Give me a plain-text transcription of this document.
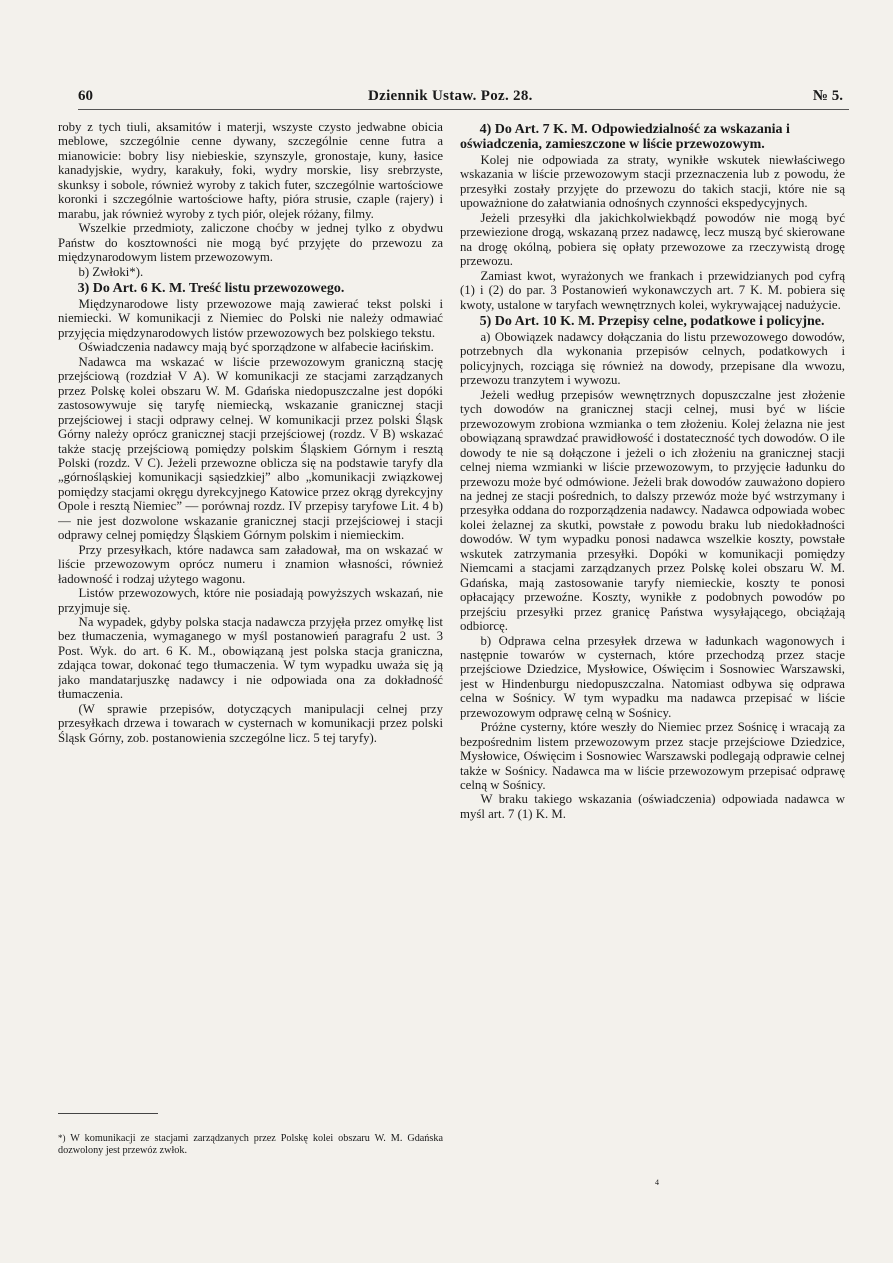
60	Dziennik Ustaw. Poz. 28.	№ 5.

roby z tych tiuli, aksamitów i materji, wszyste czysto jedwabne obicia meblowe, szczególnie cenne dywany, szczególnie cenne futra a mianowicie: bobry lisy niebieskie, szynszyle, gronostaje, kuny, łasice kanadyjskie, wydry, karakuły, foki, wydry morskie, lisy srebrzyste, skunksy i sobole, również wyroby z takich futer, szczególnie wartościowe koronki i szczególnie wartościowe hafty, pióra strusie, czaple (rajery) i marabu, jak również wyroby z tych piór, olejek różany, filmy.

Wszelkie przedmioty, zaliczone choćby w jednej tylko z obydwu Państw do kosztowności nie mogą być przyjęte do przewozu za międzynarodowym listem przewozowym.

b) Zwłoki*).

3) Do Art. 6 K. M. Treść listu przewozowego.

Międzynarodowe listy przewozowe mają zawierać tekst polski i niemiecki. W komunikacji z Niemiec do Polski nie należy odmawiać przyjęcia międzynarodowych listów przewozowych bez polskiego tekstu.

Oświadczenia nadawcy mają być sporządzone w alfabecie łacińskim.

Nadawca ma wskazać w liście przewozowym graniczną stację przejściową (rozdział V A). W komunikacji ze stacjami zarządzanych przez Polskę kolei obszaru W. M. Gdańska niedopuszczalne jest dopóki zastosowywuje się taryfę niemiecką, wskazanie granicznej stacji przejściowej i stacji odprawy celnej. W komunikacji przez polski Śląsk Górny należy oprócz granicznej stacji przejściowej (rozdz. V B) wskazać także stację przejściową pomiędzy polskim Śląskiem Górnym i resztą Polski (rozdz. V C). Jeżeli przewozne oblicza się na podstawie taryfy dla „górnośląskiej komunikacji sąsiedzkiej” albo „komunikacji związkowej pomiędzy stacjami okręgu dyrekcyjnego Katowice przez okrąg dyrekcyjny Opole i resztą Niemiec” — porównaj rozdz. IV przepisy taryfowe Lit. 4 b) — nie jest dozwolone wskazanie granicznej stacji przejściowej i stacji odprawy celnej pomiędzy Śląskiem Górnym polskim i niemieckim.

Przy przesyłkach, które nadawca sam załadował, ma on wskazać w liście przewozowym oprócz numeru i znamion własności, również ładowność i rodzaj użytego wagonu.

Listów przewozowych, które nie posiadają powyższych wskazań, nie przyjmuje się.

Na wypadek, gdyby polska stacja nadawcza przyjęła przez omyłkę list bez tłumaczenia, wymaganego w myśl postanowień paragrafu 2 ust. 3 Post. Wyk. do art. 6 K. M., obowiązaną jest polska stacja graniczna, zdająca towar, dokonać tego tłumaczenia. W tym wypadku uważa się ją jako mandatarjuszkę nadawcy i nie odpowiada ona za dokładność tłumaczenia.

(W sprawie przepisów, dotyczących manipulacji celnej przy przesyłkach drzewa i towarach w cysternach w komunikacji przez polski Śląsk Górny, zob. postanowienia szczególne licz. 5 tej taryfy).

*) W komunikacji ze stacjami zarządzanych przez Polskę kolei obszaru W. M. Gdańska dozwolony jest przewóz zwłok.
4) Do Art. 7 K. M. Odpowiedzialność za wskazania i oświadczenia, zamieszczone w liście przewozowym.

Kolej nie odpowiada za straty, wynikłe wskutek niewłaściwego wskazania w liście przewozowym stacji przeznaczenia lub z powodu, że przesyłki zostały przyjęte do przewozu do takich stacji, które nie są upoważnione do załatwiania odnośnych czynności ekspedycyjnych.

Jeżeli przesyłki dla jakichkolwiekbądź powodów nie mogą być przewiezione drogą, wskazaną przez nadawcę, lecz muszą być skierowane na drogę okólną, pobiera się opłaty przewozowe za rzeczywistą drogę przewozu.

Zamiast kwot, wyrażonych we frankach i przewidzianych pod cyfrą (1) i (2) do par. 3 Postanowień wykonawczych art. 7 K. M. pobiera się kwoty, ustalone w taryfach wewnętrznych kolei, wykrywającej nadużycie.

5) Do Art. 10 K. M. Przepisy celne, podatkowe i policyjne.

a) Obowiązek nadawcy dołączania do listu przewozowego dowodów, potrzebnych dla wykonania przepisów celnych, podatkowych i policyjnych, rozciąga się również na dowody, przepisane dla wwozu, przewozu tranzytem i wywozu.

Jeżeli według przepisów wewnętrznych dopuszczalne jest złożenie tych dowodów na granicznej stacji celnej, musi być w liście przewozowym zrobiona wzmianka o tem złożeniu. Kolej żelazna nie jest obowiązaną sprawdzać prawidłowość i dostateczność tych dowodów. O ile dowody te nie są dołączone i jeżeli o ich złożeniu na granicznej stacji celnej niema wzmianki w liście przewozowym, to przyjęcie ładunku do przewozu może być odmówione. Jeżeli brak dowodów zauważono dopiero na jednej ze stacji pośrednich, to dalszy przewóz może być wstrzymany i przesyłka oddana do rozporządzenia nadawcy. Nadawca odpowiada wobec kolei żelaznej za skutki, powstałe z powodu braku lub niedokładności dowodów. W tym wypadku ponosi nadawca wszelkie koszty, powstałe wskutek zatrzymania przesyłki. Dopóki w komunikacji pomiędzy Niemcami a stacjami zarządzanych przez Polskę kolei obszaru W. M. Gdańska, mają zastosowanie taryfy niemieckie, koszty te ponosi opłacający przewoźne. Koszty, wynikłe z podobnych powodów po przejściu przesyłki przez granicę Państwa wysyłającego, obciążają odbiorcę.

b) Odprawa celna przesyłek drzewa w ładunkach wagonowych i następnie towarów w cysternach, które przechodzą przez stacje przejściowe Dziedzice, Mysłowice, Oświęcim i Sosnowiec Warszawski, jest w Hindenburgu niedopuszczalna. Natomiast odbywa się odprawa celna w Sośnicy. W tym wypadku ma nadawca przepisać w liście przewozowym odprawę celną w Sośnicy.

Próżne cysterny, które weszły do Niemiec przez Sośnicę i wracają za bezpośrednim listem przewozowym przez stacje przejściowe Dziedzice, Mysłowice, Oświęcim i Sosnowiec Warszawski podlegają odprawie celnej także w Sośnicy. Nadawca ma w liście przewozowym przepisać odprawę celną w Sośnicy.

W braku takiego wskazania (oświadczenia) odpowiada nadawca w myśl art. 7 (1) K. M.

4
